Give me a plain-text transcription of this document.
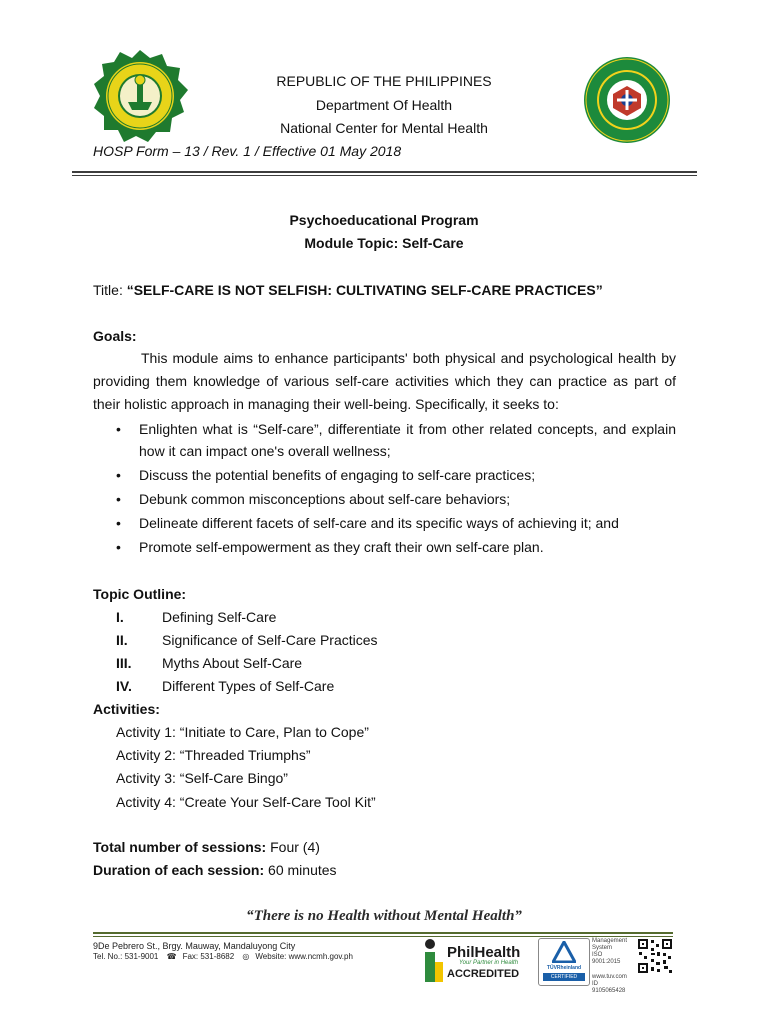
REPUBLIC OF THE PHILIPPINES
Department Of Health
National Center for Mental Health
HOSP Form – 13 / Rev. 1 / Effective 01 May 2018
Psychoeducational Program
Module Topic: Self-Care
Title: “SELF-CARE IS NOT SELFISH: CULTIVATING SELF-CARE PRACTICES”
Goals:

This module aims to enhance participants' both physical and psychological health by providing them knowledge of various self-care activities which they can practice as part of their holistic approach in managing their well-being. Specifically, it seeks to:

• Enlighten what is “Self-care”, differentiate it from other related concepts, and explain how it can impact one's overall wellness;
• Discuss the potential benefits of engaging to self-care practices;
• Debunk common misconceptions about self-care behaviors;
• Delineate different facets of self-care and its specific ways of achieving it; and
• Promote self-empowerment as they craft their own self-care plan.
Topic Outline:
I.	Defining Self-Care
II. Significance of Self-Care Practices
III. Myths About Self-Care
IV. Different Types of Self-Care
Activities:
Activity 1: “Initiate to Care, Plan to Cope”
Activity 2: “Threaded Triumphs”
Activity 3: “Self-Care Bingo”
Activity 4: “Create Your Self-Care Tool Kit”
Total number of sessions: Four (4)
Duration of each session: 60 minutes
“There is no Health without Mental Health”
9De Pebrero St., Brgy. Mauway, Mandaluyong City
Tel. No.: 531-9001 ☎ Fax: 531-8682 ◎ Website: www.ncmh.gov.ph	PhilHealth
Your Partner in Health
ACCREDITED	TÜVRheinland
CERTIFIED
Management
System
ISO 9001:2015
www.tuv.com
ID 9105065428
